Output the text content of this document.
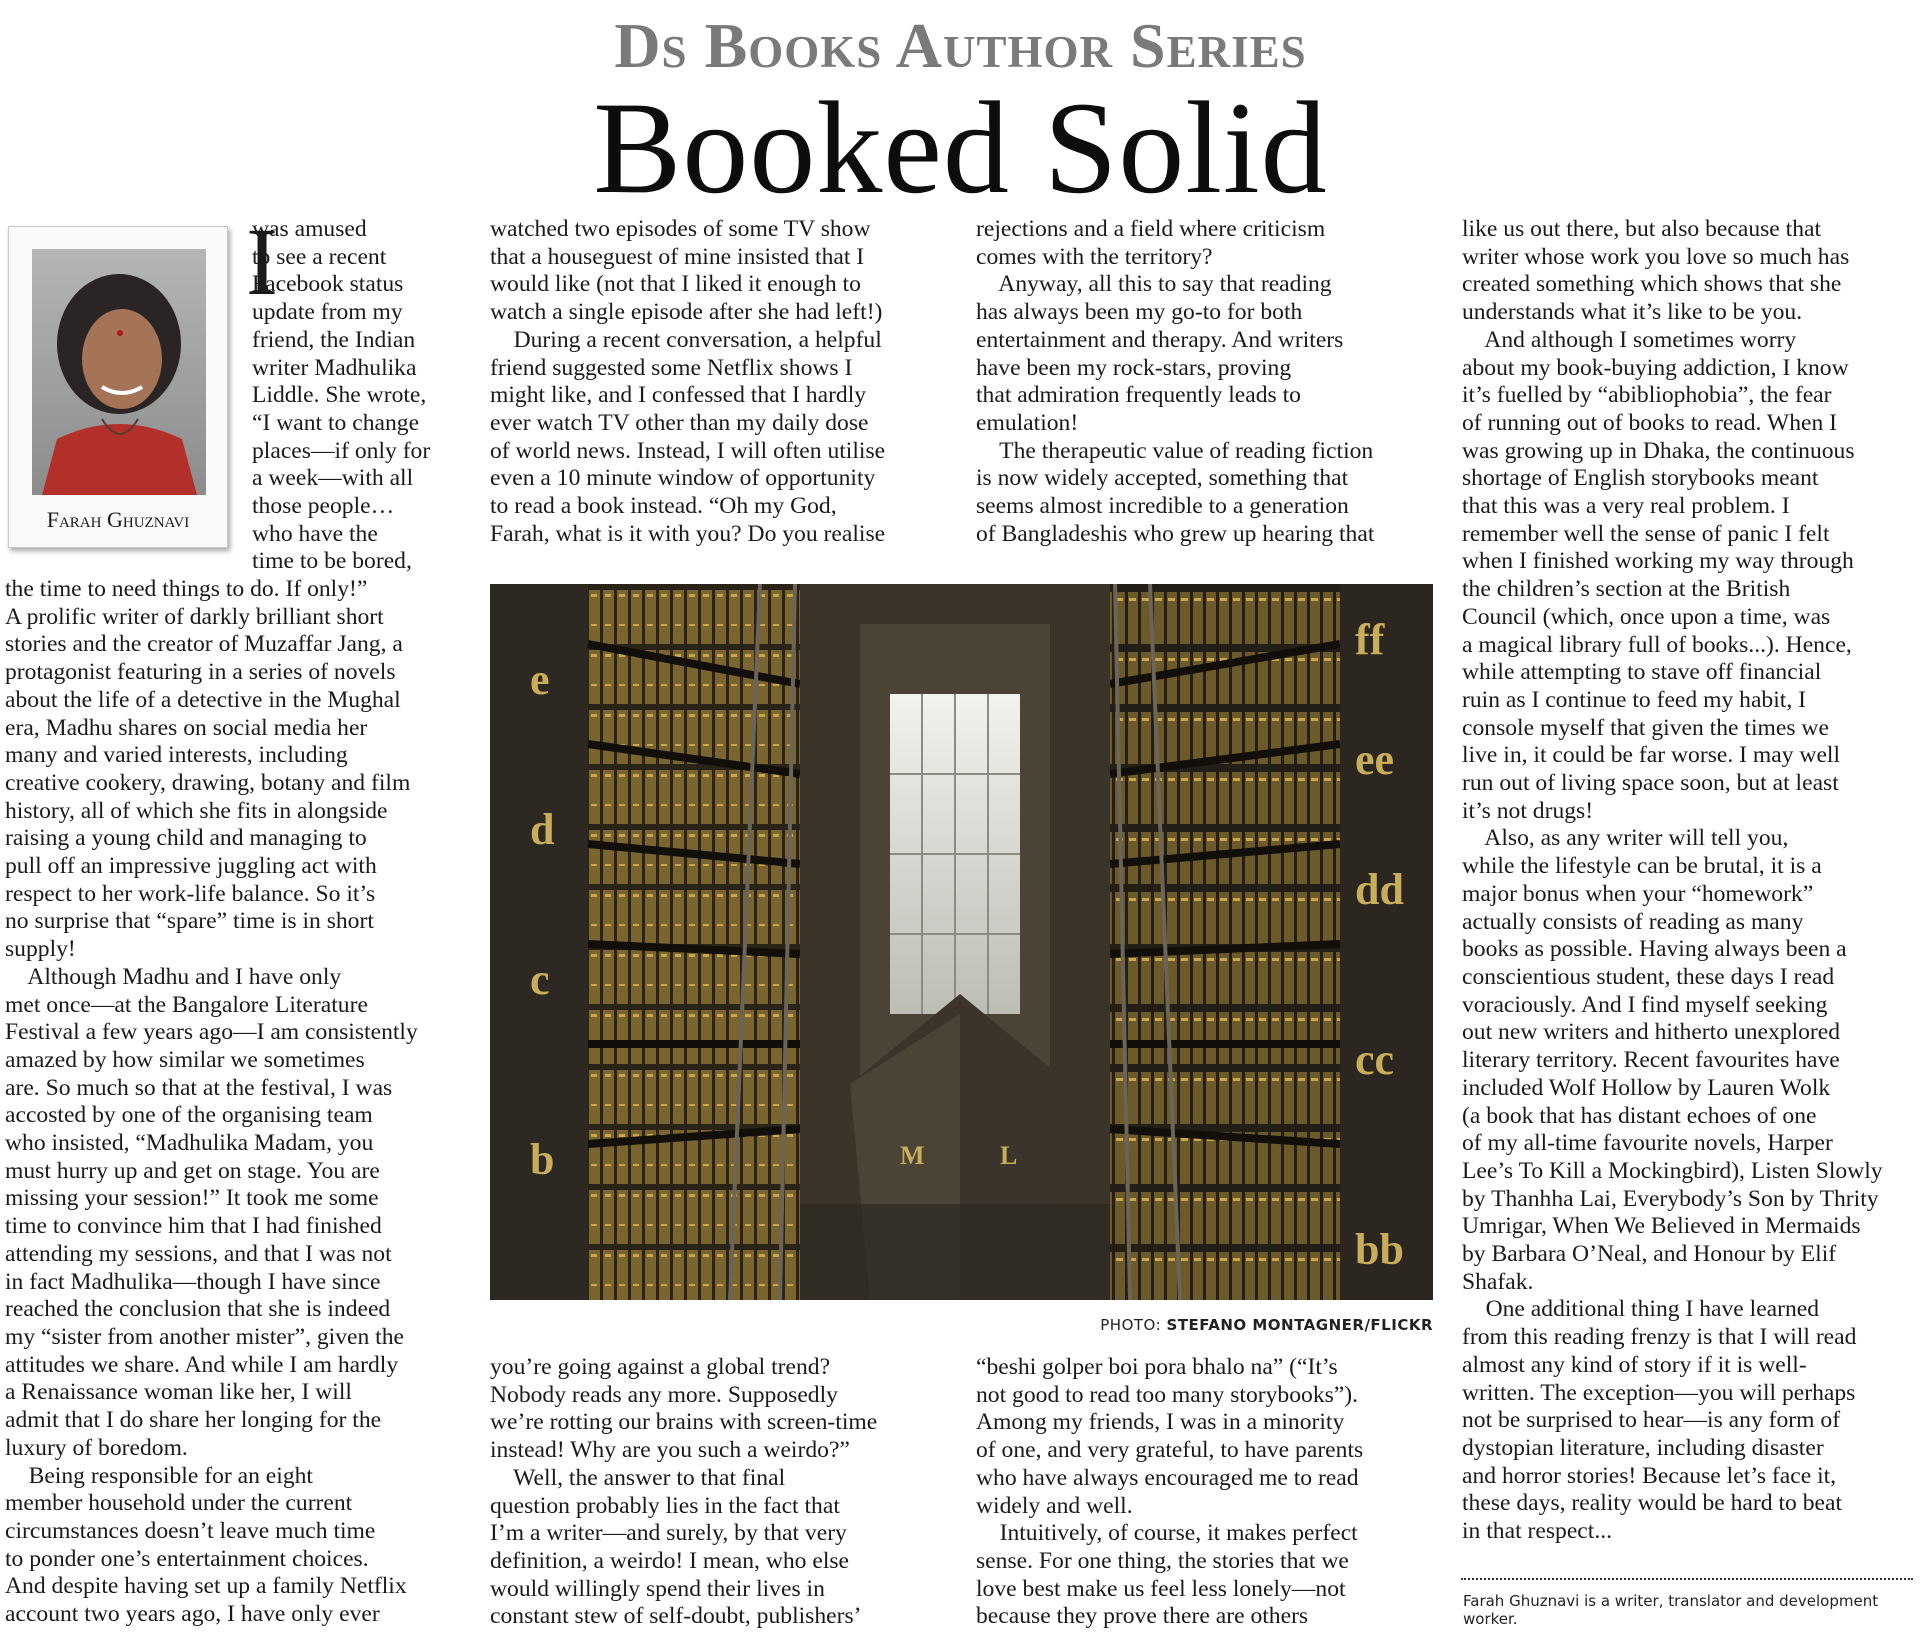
Ds Books Author Series
Booked Solid
Farah Ghuznavi
I

was amused

to see a recent

Facebook status

update from my

friend, the Indian

writer Madhulika

Liddle. She wrote,

“I want to change

places—if only for

a week—with all

those people…

who have the

time to be bored,

the time to need things to do. If only!”

A prolific writer of darkly brilliant short

stories and the creator of Muzaffar Jang, a

protagonist featuring in a series of novels

about the life of a detective in the Mughal

era, Madhu shares on social media her

many and varied interests, including

creative cookery, drawing, botany and film

history, all of which she fits in alongside

raising a young child and managing to

pull off an impressive juggling act with

respect to her work-life balance. So it’s

no surprise that “spare” time is in short

supply!

Although Madhu and I have only

met once—at the Bangalore Literature

Festival a few years ago—I am consistently

amazed by how similar we sometimes

are. So much so that at the festival, I was

accosted by one of the organising team

who insisted, “Madhulika Madam, you

must hurry up and get on stage. You are

missing your session!” It took me some

time to convince him that I had finished

attending my sessions, and that I was not

in fact Madhulika—though I have since

reached the conclusion that she is indeed

my “sister from another mister”, given the

attitudes we share. And while I am hardly

a Renaissance woman like her, I will

admit that I do share her longing for the

luxury of boredom.

Being responsible for an eight

member household under the current

circumstances doesn’t leave much time

to ponder one’s entertainment choices.

And despite having set up a family Netflix

account two years ago, I have only ever

watched two episodes of some TV show

that a houseguest of mine insisted that I

would like (not that I liked it enough to

watch a single episode after she had left!)

During a recent conversation, a helpful

friend suggested some Netflix shows I

might like, and I confessed that I hardly

ever watch TV other than my daily dose

of world news. Instead, I will often utilise

even a 10 minute window of opportunity

to read a book instead. “Oh my God,

Farah, what is it with you? Do you realise

you’re going against a global trend?

Nobody reads any more. Supposedly

we’re rotting our brains with screen-time

instead! Why are you such a weirdo?”

Well, the answer to that final

question probably lies in the fact that

I’m a writer—and surely, by that very

definition, a weirdo! I mean, who else

would willingly spend their lives in

constant stew of self-doubt, publishers’

rejections and a field where criticism

comes with the territory?

Anyway, all this to say that reading

has always been my go-to for both

entertainment and therapy. And writers

have been my rock-stars, proving

that admiration frequently leads to

emulation!

The therapeutic value of reading fiction

is now widely accepted, something that

seems almost incredible to a generation

of Bangladeshis who grew up hearing that

“beshi golper boi pora bhalo na” (“It’s

not good to read too many storybooks”).

Among my friends, I was in a minority

of one, and very grateful, to have parents

who have always encouraged me to read

widely and well.

Intuitively, of course, it makes perfect

sense. For one thing, the stories that we

love best make us feel less lonely—not

because they prove there are others

like us out there, but also because that

writer whose work you love so much has

created something which shows that she

understands what it’s like to be you.

And although I sometimes worry

about my book-buying addiction, I know

it’s fuelled by “abibliophobia”, the fear

of running out of books to read. When I

was growing up in Dhaka, the continuous

shortage of English storybooks meant

that this was a very real problem. I

remember well the sense of panic I felt

when I finished working my way through

the children’s section at the British

Council (which, once upon a time, was

a magical library full of books...). Hence,

while attempting to stave off financial

ruin as I continue to feed my habit, I

console myself that given the times we

live in, it could be far worse. I may well

run out of living space soon, but at least

it’s not drugs!

Also, as any writer will tell you,

while the lifestyle can be brutal, it is a

major bonus when your “homework”

actually consists of reading as many

books as possible. Having always been a

conscientious student, these days I read

voraciously. And I find myself seeking

out new writers and hitherto unexplored

literary territory. Recent favourites have

included Wolf Hollow by Lauren Wolk

(a book that has distant echoes of one

of my all-time favourite novels, Harper

Lee’s To Kill a Mockingbird), Listen Slowly

by Thanhha Lai, Everybody’s Son by Thrity

Umrigar, When We Believed in Mermaids

by Barbara O’Neal, and Honour by Elif

Shafak.

One additional thing I have learned

from this reading frenzy is that I will read

almost any kind of story if it is well-

written. The exception—you will perhaps

not be surprised to hear—is any form of

dystopian literature, including disaster

and horror stories! Because let’s face it,

these days, reality would be hard to beat

in that respect...

e
d
c
b
ff
ee
dd
cc
bb
M	L
PHOTO: STEFANO MONTAGNER/FLICKR
Farah Ghuznavi is a writer, translator and development worker.
